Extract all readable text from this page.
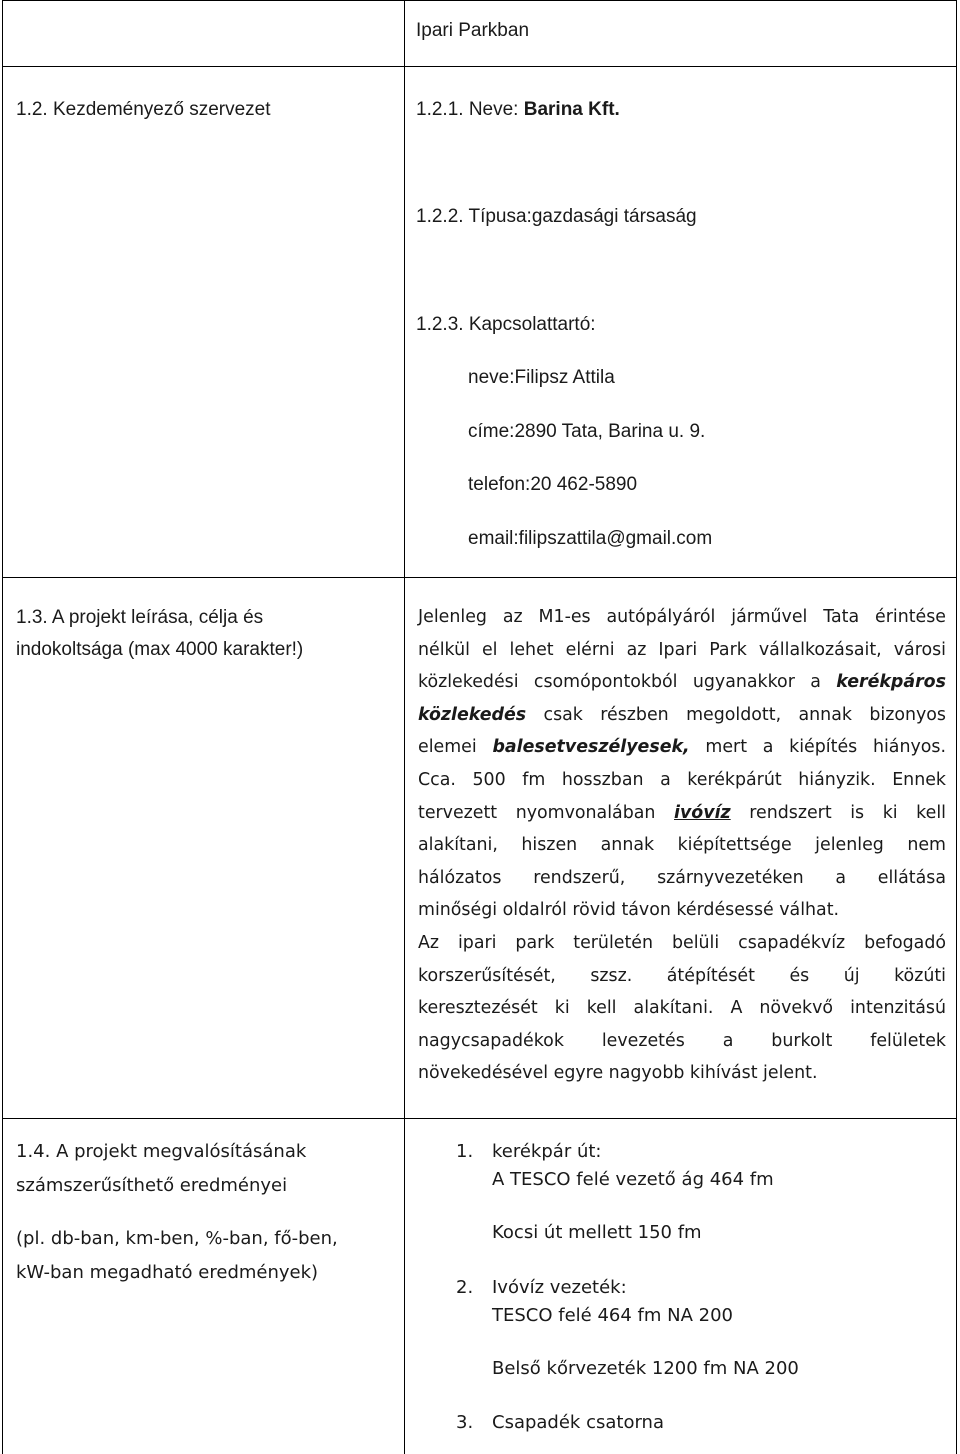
Ipari Parkban
1.2. Kezdeményező szervezet	1.2.1. Neve: Barina Kft.
1.2.2. Típusa:gazdasági társaság
1.2.3. Kapcsolattartó:
neve:Filipsz Attila
címe:2890 Tata, Barina u. 9.
telefon:20 462-5890
email:filipszattila@gmail.com
1.3. A projekt leírása, célja és
indokoltsága (max 4000 karakter!)
Jelenleg az M1-es autópályáról járművel Tata érintése
nélkül el lehet elérni az Ipari Park vállalkozásait, városi
közlekedési csomópontokból ugyanakkor a kerékpáros
közlekedés csak részben megoldott, annak bizonyos
elemei balesetveszélyesek, mert a kiépítés hiányos.
Cca. 500 fm hosszban a kerékpárút hiányzik. Ennek
tervezett nyomvonalában ivóvíz rendszert is ki kell
alakítani, hiszen annak kiépítettsége jelenleg nem
hálózatos rendszerű, szárnyvezetéken a ellátása
minőségi oldalról rövid távon kérdésessé válhat.
Az ipari park területén belüli csapadékvíz befogadó
korszerűsítését, szsz. átépítését és új közúti
keresztezését ki kell alakítani. A növekvő intenzitású
nagycsapadékok levezetés a burkolt felületek
növekedésével egyre nagyobb kihívást jelent.
1.4. A projekt megvalósításának
számszerűsíthető eredményei
(pl. db-ban, km-ben, %-ban, fő-ben,
kW-ban megadható eredmények)
1. kerékpár út:
A TESCO felé vezető ág 464 fm
Kocsi út mellett 150 fm
2. Ivóvíz vezeték:
TESCO felé 464 fm NA 200
Belső kőrvezeték 1200 fm NA 200
3. Csapadék csatorna
